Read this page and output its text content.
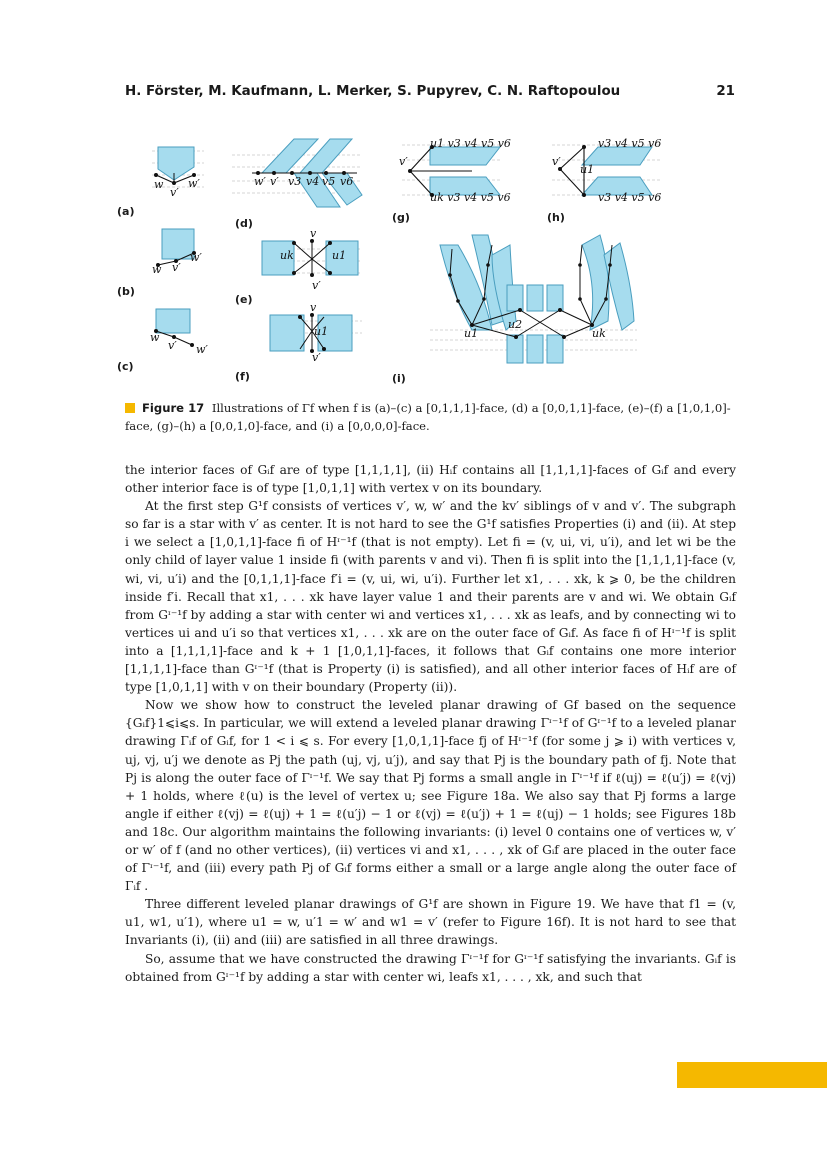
H. Förster, M. Kaufmann, L. Merker, S. Pupyrev, C. N. Raftopoulou	21
w
v′
w′
w v′
w′
w
v′ w′
w′ v′ v3 v4 v5 v6
v
uk	u1
v′
v
u1
v′
v′
u1 v3 v4 v5 v6
uk v3 v4 v5 v6
v′
u1
v3 v4 v5 v6
v3 v4 v5 v6
u1
u2
uk
(a)
(b)
(c)
(d)
(e)
(f)
(g)	(h)
(i)
Figure 17 Illustrations of Γf when f is (a)–(c) a [0,1,1,1]-face, (d) a [0,0,1,1]-face, (e)–(f) a [1,0,1,0]-face, (g)–(h) a [0,0,1,0]-face, and (i) a [0,0,0,0]-face.

the interior faces of Gᵢf are of type [1,1,1,1], (ii) Hᵢf contains all [1,1,1,1]-faces of Gᵢf and every other interior face is of type [1,0,1,1] with vertex v on its boundary.

At the first step G¹f consists of vertices v′, w, w′ and the kv′ siblings of v and v′. The subgraph so far is a star with v′ as center. It is not hard to see the G¹f satisfies Properties (i) and (ii). At step i we select a [1,0,1,1]-face fi of Hᶦ⁻¹f (that is not empty). Let fi = (v, ui, vi, u′i), and let wi be the only child of layer value 1 inside fi (with parents v and vi). Then fi is split into the [1,1,1,1]-face (v, wi, vi, u′i) and the [0,1,1,1]-face f′i = (v, ui, wi, u′i). Further let x1, . . . xk, k ⩾ 0, be the children inside f′i. Recall that x1, . . . xk have layer value 1 and their parents are v and wi. We obtain Gᵢf from Gᶦ⁻¹f by adding a star with center wi and vertices x1, . . . xk as leafs, and by connecting wi to vertices ui and u′i so that vertices x1, . . . xk are on the outer face of Gᵢf. As face fi of Hᶦ⁻¹f is split into a [1,1,1,1]-face and k + 1 [1,0,1,1]-faces, it follows that Gᵢf contains one more interior [1,1,1,1]-face than Gᶦ⁻¹f (that is Property (i) is satisfied), and all other interior faces of Hᵢf are of type [1,0,1,1] with v on their boundary (Property (ii)).

Now we show how to construct the leveled planar drawing of Gf based on the sequence {Gᵢf}1⩽i⩽s. In particular, we will extend a leveled planar drawing Γᶦ⁻¹f of Gᶦ⁻¹f to a leveled planar drawing Γᵢf of Gᵢf, for 1 < i ⩽ s. For every [1,0,1,1]-face fj of Hᶦ⁻¹f (for some j ⩾ i) with vertices v, uj, vj, u′j we denote as Pj the path (uj, vj, u′j), and say that Pj is the boundary path of fj. Note that Pj is along the outer face of Γᶦ⁻¹f. We say that Pj forms a small angle in Γᶦ⁻¹f if ℓ(uj) = ℓ(u′j) = ℓ(vj) + 1 holds, where ℓ(u) is the level of vertex u; see Figure 18a. We also say that Pj forms a large angle if either ℓ(vj) = ℓ(uj) + 1 = ℓ(u′j) − 1 or ℓ(vj) = ℓ(u′j) + 1 = ℓ(uj) − 1 holds; see Figures 18b and 18c. Our algorithm maintains the following invariants: (i) level 0 contains one of vertices w, v′ or w′ of f (and no other vertices), (ii) vertices vi and x1, . . . , xk of Gᵢf are placed in the outer face of Γᶦ⁻¹f, and (iii) every path Pj of Gᵢf forms either a small or a large angle along the outer face of Γᵢf .

Three different leveled planar drawings of G¹f are shown in Figure 19. We have that f1 = (v, u1, w1, u′1), where u1 = w, u′1 = w′ and w1 = v′ (refer to Figure 16f). It is not hard to see that Invariants (i), (ii) and (iii) are satisfied in all three drawings.

So, assume that we have constructed the drawing Γᶦ⁻¹f for Gᶦ⁻¹f satisfying the invariants. Gᵢf is obtained from Gᶦ⁻¹f by adding a star with center wi, leafs x1, . . . , xk, and such that
